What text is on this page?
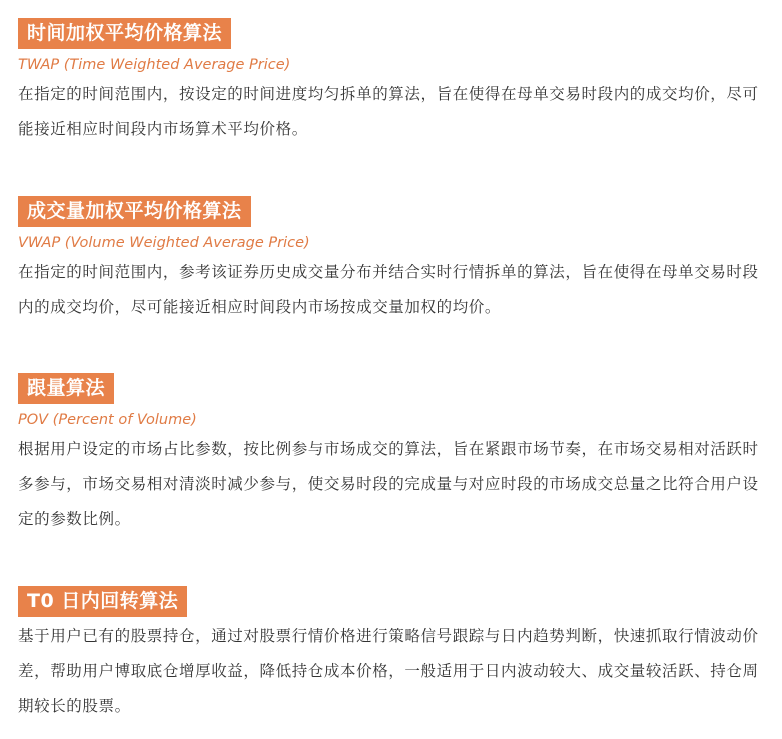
时间加权平均价格算法
TWAP (Time Weighted Average Price)
在指定的时间范围内，按设定的时间进度均匀拆单的算法，旨在使得在母单交易时段内的成交均价，尽可能接近相应时间段内市场算术平均价格。
成交量加权平均价格算法
VWAP (Volume Weighted Average Price)
在指定的时间范围内，参考该证券历史成交量分布并结合实时行情拆单的算法，旨在使得在母单交易时段内的成交均价，尽可能接近相应时间段内市场按成交量加权的均价。
跟量算法
POV (Percent of Volume)
根据用户设定的市场占比参数，按比例参与市场成交的算法，旨在紧跟市场节奏，在市场交易相对活跃时多参与，市场交易相对清淡时减少参与，使交易时段的完成量与对应时段的市场成交总量之比符合用户设定的参数比例。
T0 日内回转算法
基于用户已有的股票持仓，通过对股票行情价格进行策略信号跟踪与日内趋势判断，快速抓取行情波动价差，帮助用户博取底仓增厚收益，降低持仓成本价格，一般适用于日内波动较大、成交量较活跃、持仓周期较长的股票。
